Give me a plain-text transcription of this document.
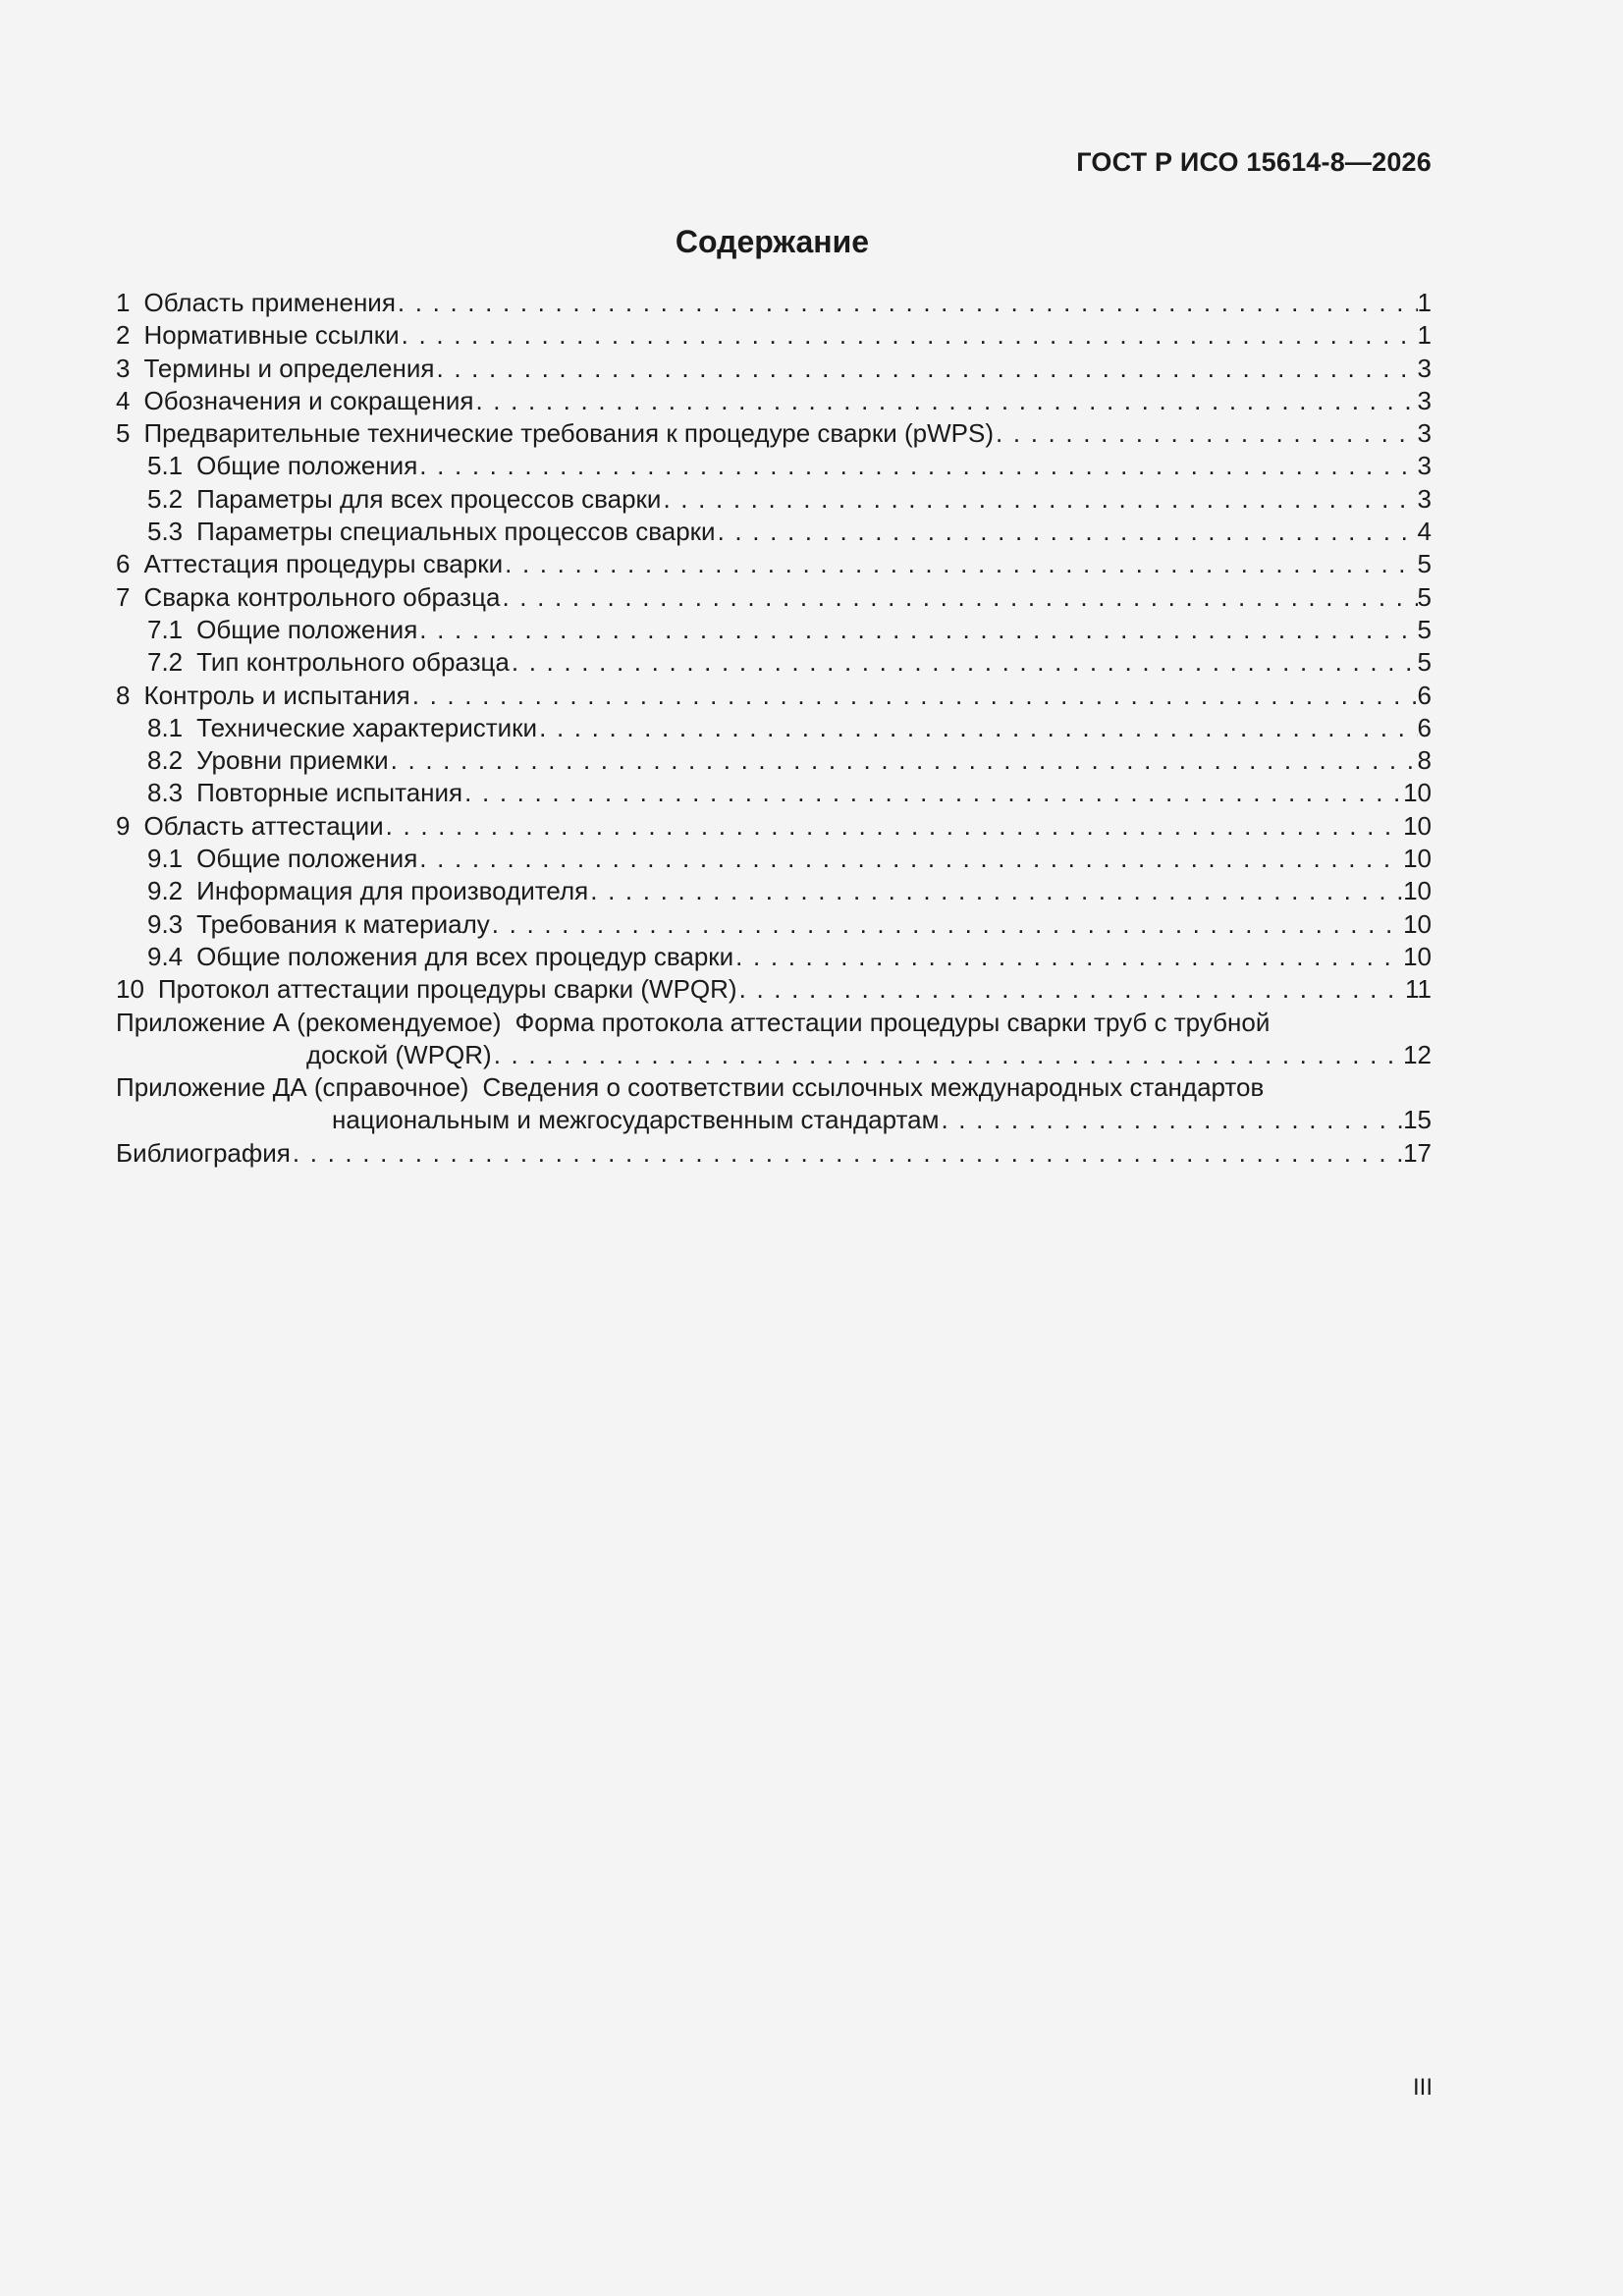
ГОСТ Р ИСО 15614-8—2026
Содержание
1 Область применения . . .	1
2 Нормативные ссылки . . .	1
3 Термины и определения . . .	3
4 Обозначения и сокращения . . .	3
5 Предварительные технические требования к процедуре сварки (pWPS) . . .	3
5.1 Общие положения . . .	3
5.2 Параметры для всех процессов сварки . . .	3
5.3 Параметры специальных процессов сварки . . .	4
6 Аттестация процедуры сварки . . .	5
7 Сварка контрольного образца . . .	5
7.1 Общие положения . . .	5
7.2 Тип контрольного образца . . .	5
8 Контроль и испытания . . .	6
8.1 Технические характеристики . . .	6
8.2 Уровни приемки . . .	8
8.3 Повторные испытания . . .	10
9 Область аттестации . . .	10
9.1 Общие положения . . .	10
9.2 Информация для производителя . . .	10
9.3 Требования к материалу . . .	10
9.4 Общие положения для всех процедур сварки . . .	10
10 Протокол аттестации процедуры сварки (WPQR) . . .	11
Приложение А (рекомендуемое) Форма протокола аттестации процедуры сварки труб с трубной
доской (WPQR) . . .	12
Приложение ДА (справочное) Сведения о соответствии ссылочных международных стандартов
национальным и межгосударственным стандартам . . .	15
Библиография . . .	17
III
